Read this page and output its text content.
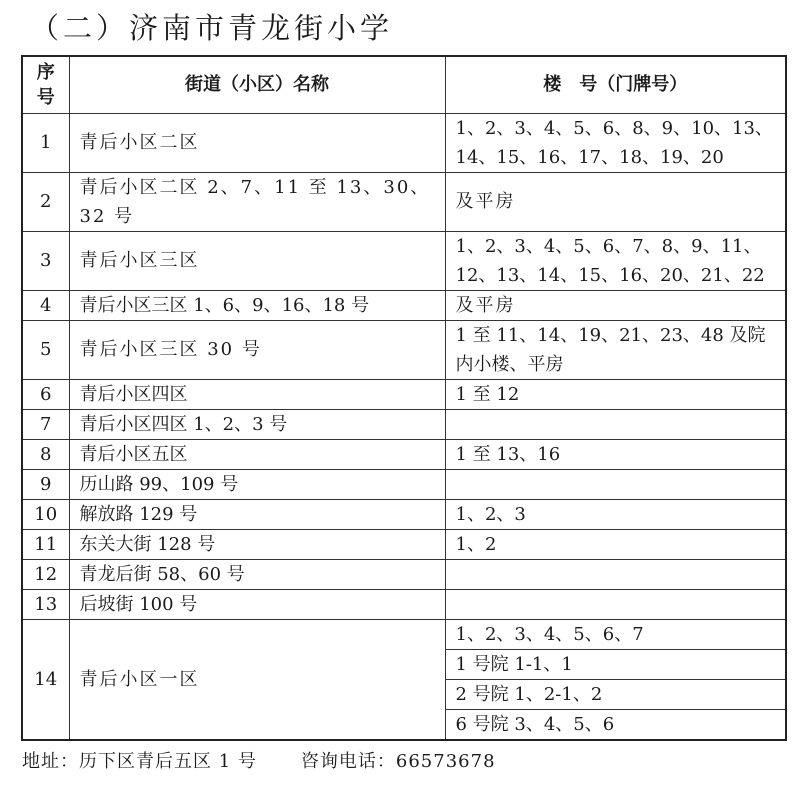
（二）济南市青龙街小学
序号	街道（小区）名称	楼　号（门牌号）
1	青后小区二区	1、2、3、4、5、6、8、9、10、13、14、15、16、17、18、19、20
2	青后小区二区 2、7、11 至 13、30、32 号	及平房
3	青后小区三区	1、2、3、4、5、6、7、8、9、11、12、13、14、15、16、20、21、22
4	青后小区三区 1、6、9、16、18 号	及平房
5	青后小区三区 30 号	1 至 11、14、19、21、23、48 及院内小楼、平房
6	青后小区四区	1 至 12
7	青后小区四区 1、2、3 号	
8	青后小区五区	1 至 13、16
9	历山路 99、109 号	
10	解放路 129 号	1、2、3
11	东关大街 128 号	1、2
12	青龙后街 58、60 号	
13	后坡街 100 号	
14	青后小区一区	1、2、3、4、5、6、7
		1 号院 1-1、1
		2 号院 1、2-1、2
		6 号院 3、4、5、6
地址：历下区青后五区 1 号 咨询电话：66573678
